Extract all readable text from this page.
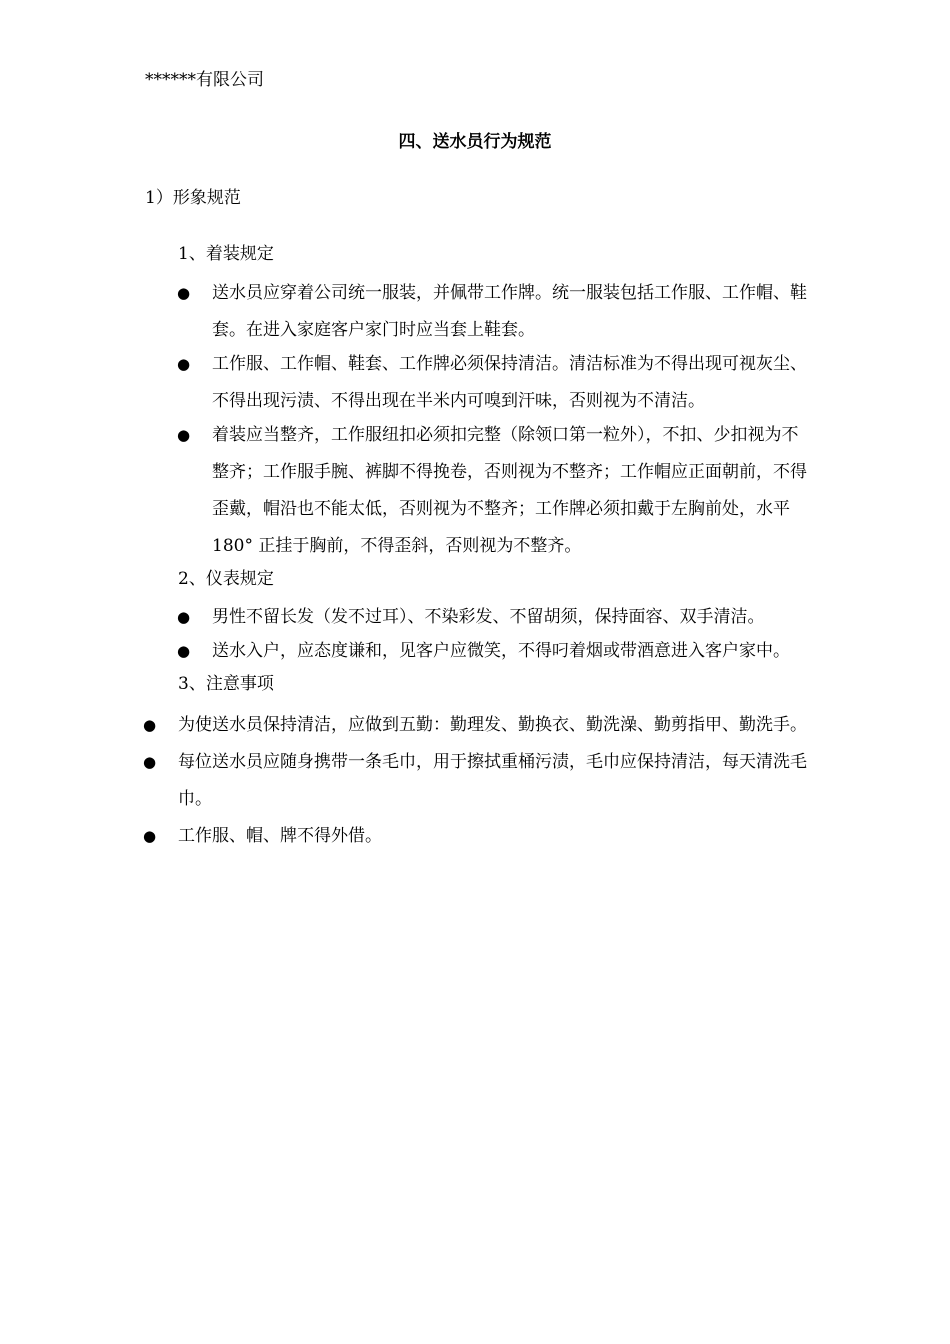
******有限公司
四、送水员行为规范
1）形象规范
1、着装规定
● 送水员应穿着公司统一服装，并佩带工作牌。统一服装包括工作服、工作帽、鞋套。在进入家庭客户家门时应当套上鞋套。
● 工作服、工作帽、鞋套、工作牌必须保持清洁。清洁标准为不得出现可视灰尘、不得出现污渍、不得出现在半米内可嗅到汗味，否则视为不清洁。
● 着装应当整齐，工作服纽扣必须扣完整（除领口第一粒外），不扣、少扣视为不整齐；工作服手腕、裤脚不得挽卷，否则视为不整齐；工作帽应正面朝前，不得歪戴，帽沿也不能太低，否则视为不整齐；工作牌必须扣戴于左胸前处，水平180° 正挂于胸前，不得歪斜，否则视为不整齐。
2、仪表规定
● 男性不留长发（发不过耳）、不染彩发、不留胡须，保持面容、双手清洁。
● 送水入户，应态度谦和，见客户应微笑，不得叼着烟或带酒意进入客户家中。
3、注意事项
● 为使送水员保持清洁，应做到五勤：勤理发、勤换衣、勤洗澡、勤剪指甲、勤洗手。
● 每位送水员应随身携带一条毛巾，用于擦拭重桶污渍，毛巾应保持清洁，每天清洗毛巾。
● 工作服、帽、牌不得外借。
